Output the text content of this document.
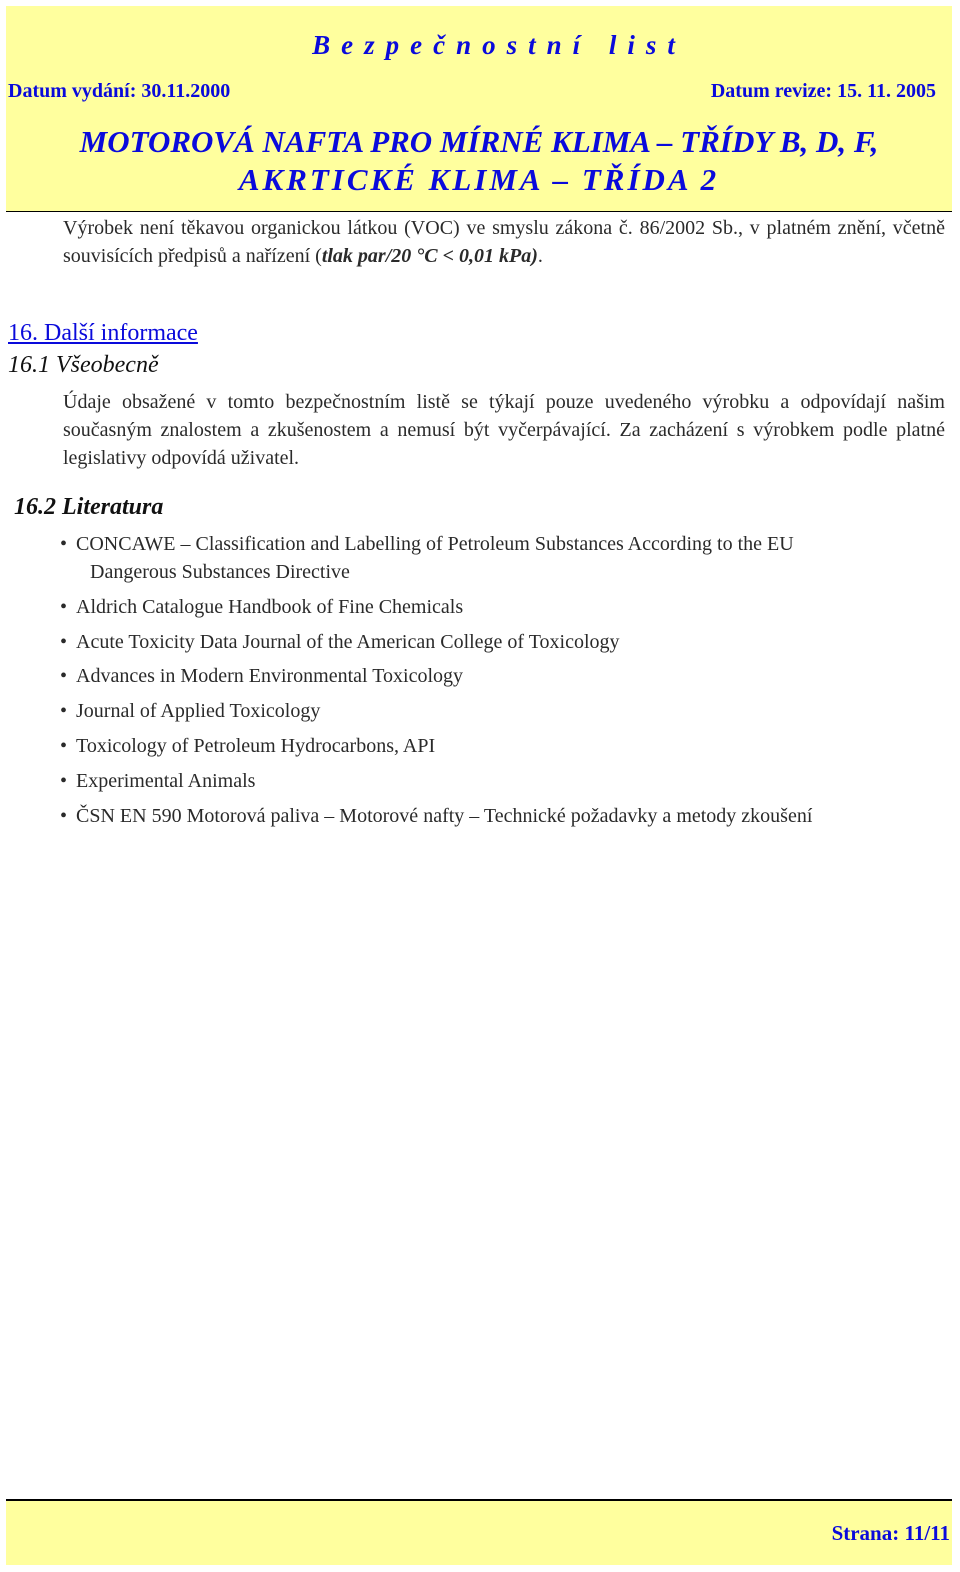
Bezpečnostní list
Datum vydání: 30.11.2000	Datum revize: 15. 11. 2005
MOTOROVÁ NAFTA PRO MÍRNÉ KLIMA – TŘÍDY B, D, F,
AKRTICKÉ KLIMA – TŘÍDA 2
Výrobek není těkavou organickou látkou (VOC) ve smyslu zákona č. 86/2002 Sb., v platném znění, včetně souvisících předpisů a nařízení (tlak par/20 °C < 0,01 kPa).
16. Další informace
16.1 Všeobecně
Údaje obsažené v tomto bezpečnostním listě se týkají pouze uvedeného výrobku a odpovídají našim současným znalostem a zkušenostem a nemusí být vyčerpávající. Za zacházení s výrobkem podle platné legislativy odpovídá uživatel.
16.2 Literatura
• CONCAWE – Classification and Labelling of Petroleum Substances According to the EU
Dangerous Substances Directive
• Aldrich Catalogue Handbook of Fine Chemicals
• Acute Toxicity Data Journal of the American College of Toxicology
• Advances in Modern Environmental Toxicology
• Journal of Applied Toxicology
• Toxicology of Petroleum Hydrocarbons, API
• Experimental Animals
• ČSN EN 590 Motorová paliva – Motorové nafty – Technické požadavky a metody zkoušení
Strana: 11/11
